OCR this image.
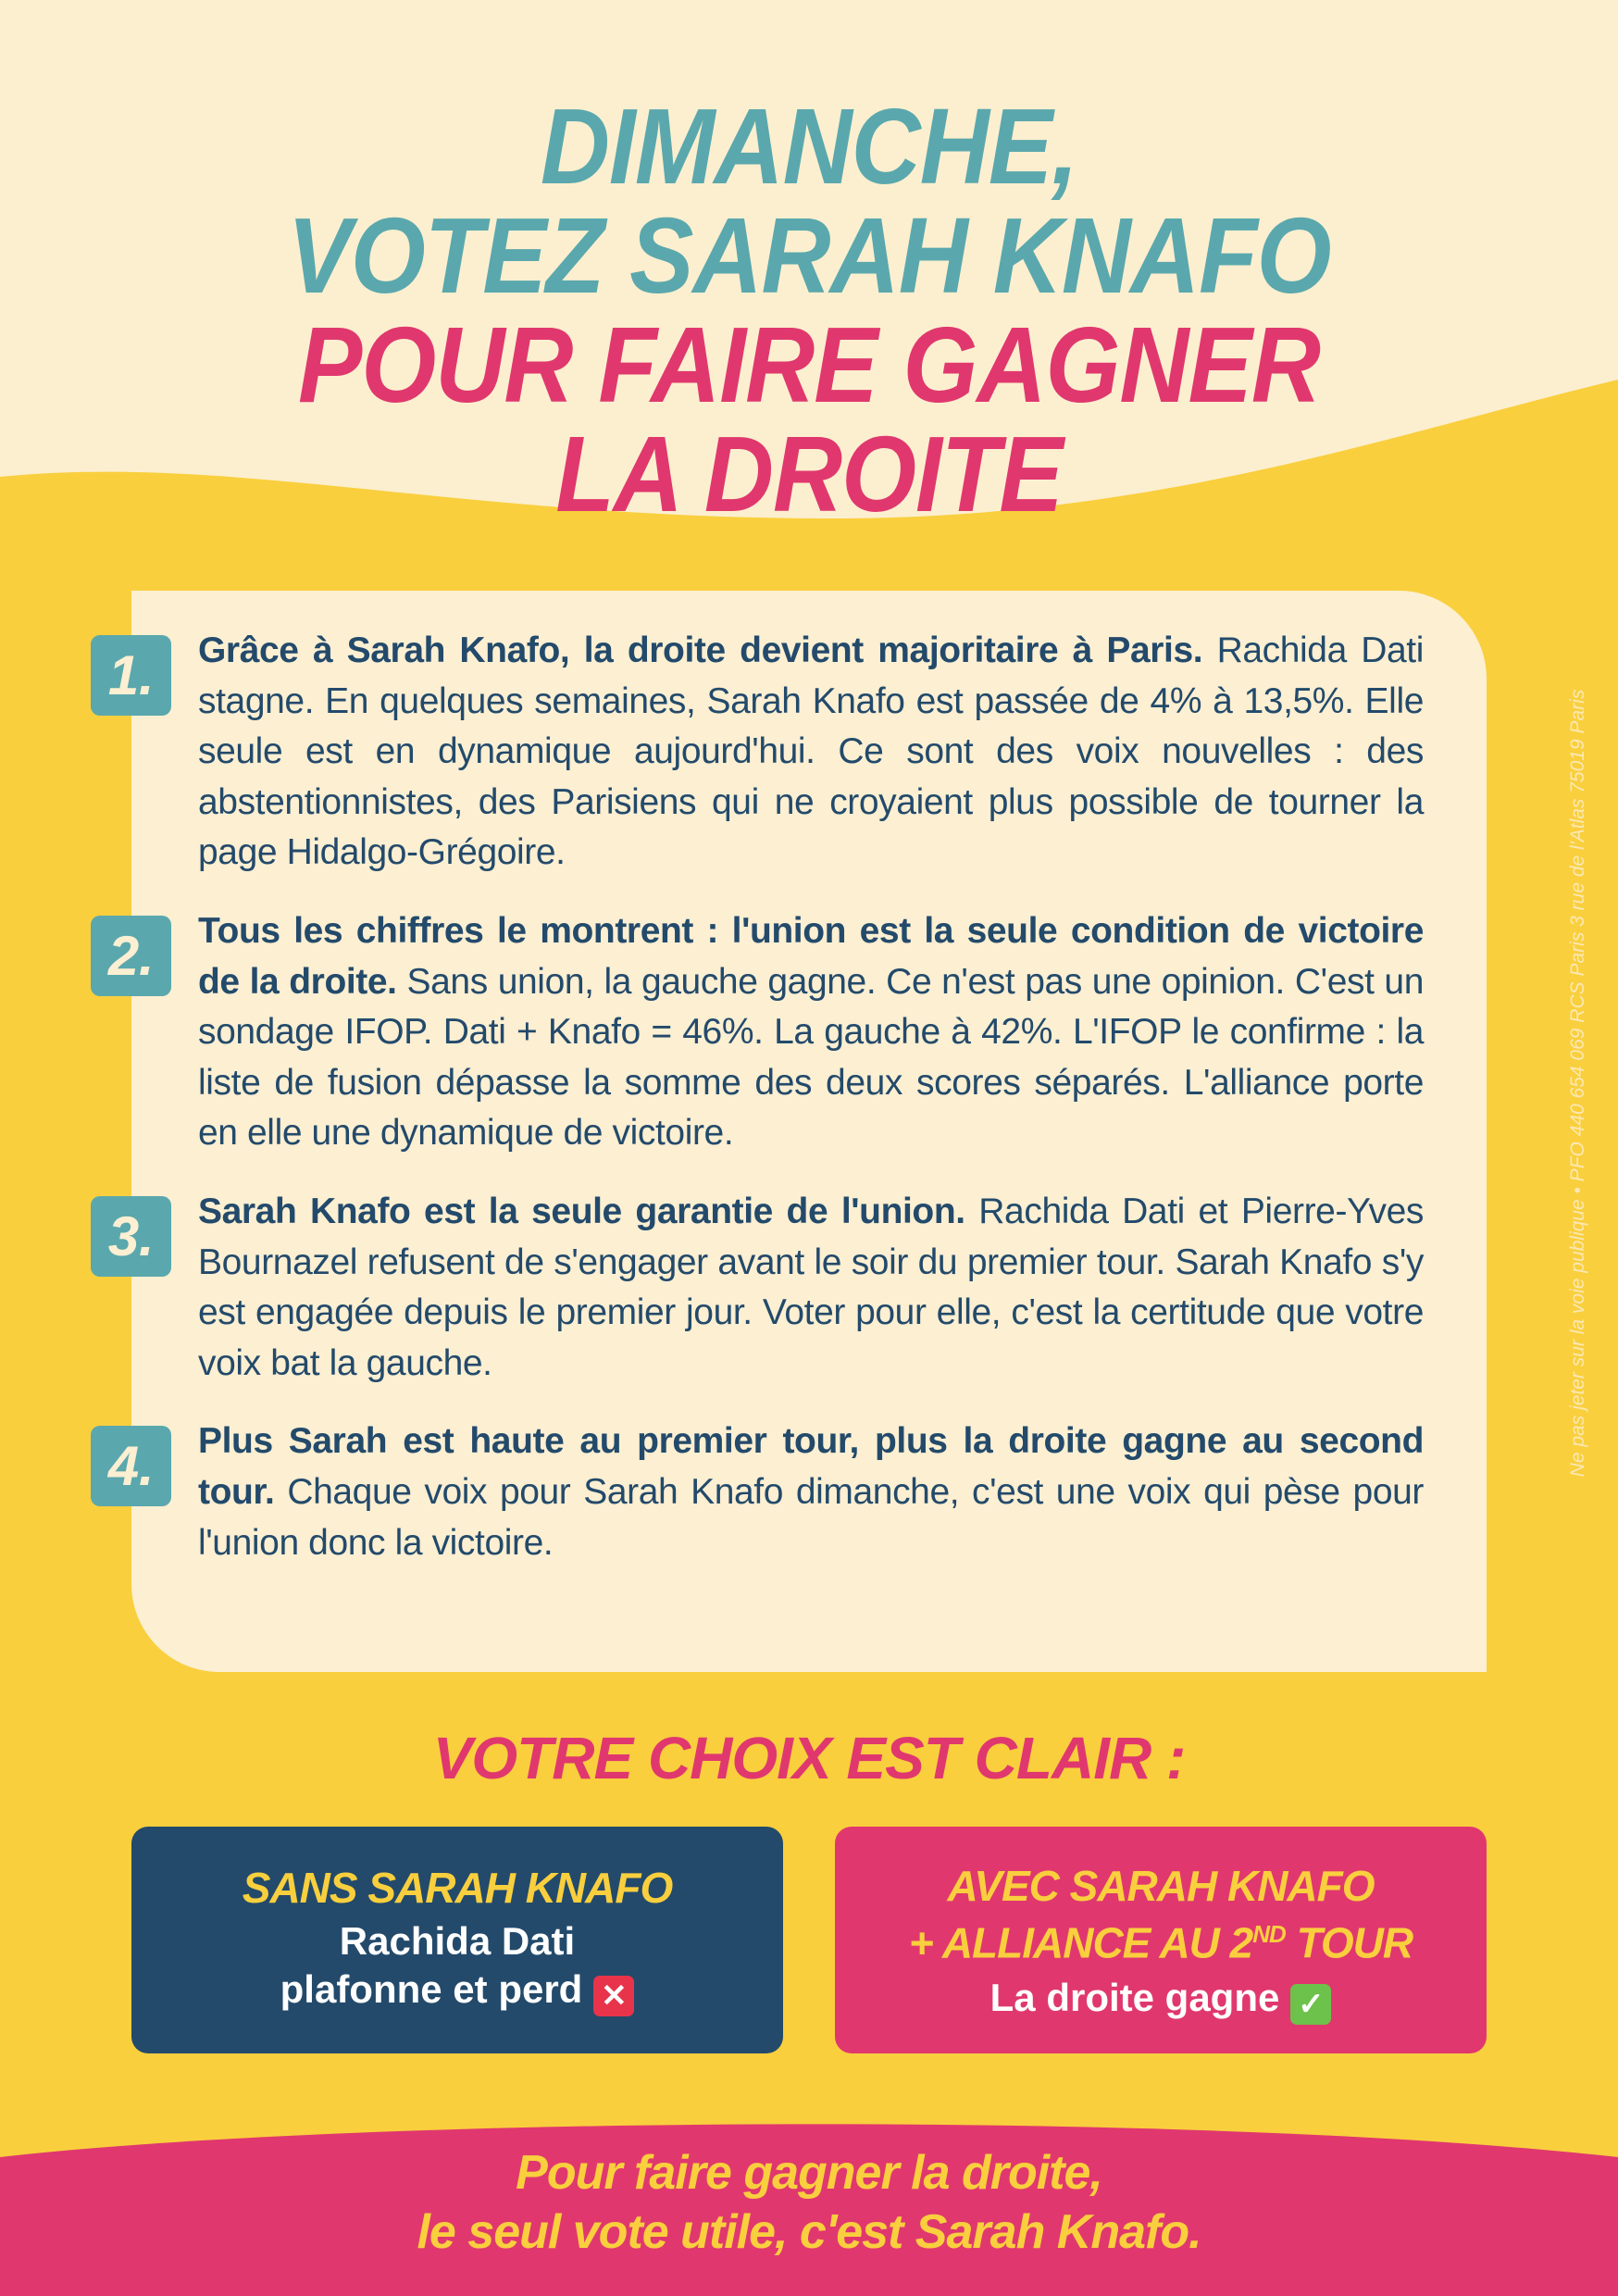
DIMANCHE,
VOTEZ SARAH KNAFO
POUR FAIRE GAGNER
LA DROITE
1.	Grâce à Sarah Knafo, la droite devient majoritaire à Paris. Rachida Dati stagne. En quelques semaines, Sarah Knafo est passée de 4% à 13,5%. Elle seule est en dynamique aujourd'hui. Ce sont des voix nouvelles : des abstentionnistes, des Parisiens qui ne croyaient plus possible de tourner la page Hidalgo-Grégoire.
2.	Tous les chiffres le montrent : l'union est la seule condition de victoire de la droite. Sans union, la gauche gagne. Ce n'est pas une opinion. C'est un sondage IFOP. Dati + Knafo = 46%. La gauche à 42%. L'IFOP le confirme : la liste de fusion dépasse la somme des deux scores séparés. L'alliance porte en elle une dynamique de victoire.
3.	Sarah Knafo est la seule garantie de l'union. Rachida Dati et Pierre-Yves Bournazel refusent de s'engager avant le soir du premier tour. Sarah Knafo s'y est engagée depuis le premier jour. Voter pour elle, c'est la certitude que votre voix bat la gauche.
4.	Plus Sarah est haute au premier tour, plus la droite gagne au second tour. Chaque voix pour Sarah Knafo dimanche, c'est une voix qui pèse pour l'union donc la victoire.
VOTRE CHOIX EST CLAIR :
SANS SARAH KNAFO
Rachida Dati
plafonne et perd ✕
AVEC SARAH KNAFO
+ ALLIANCE AU 2ND TOUR
La droite gagne ✓
Pour faire gagner la droite,
le seul vote utile, c'est Sarah Knafo.
Ne pas jeter sur la voie publique • PFO 440 654 069 RCS Paris 3 rue de l'Atlas 75019 Paris
